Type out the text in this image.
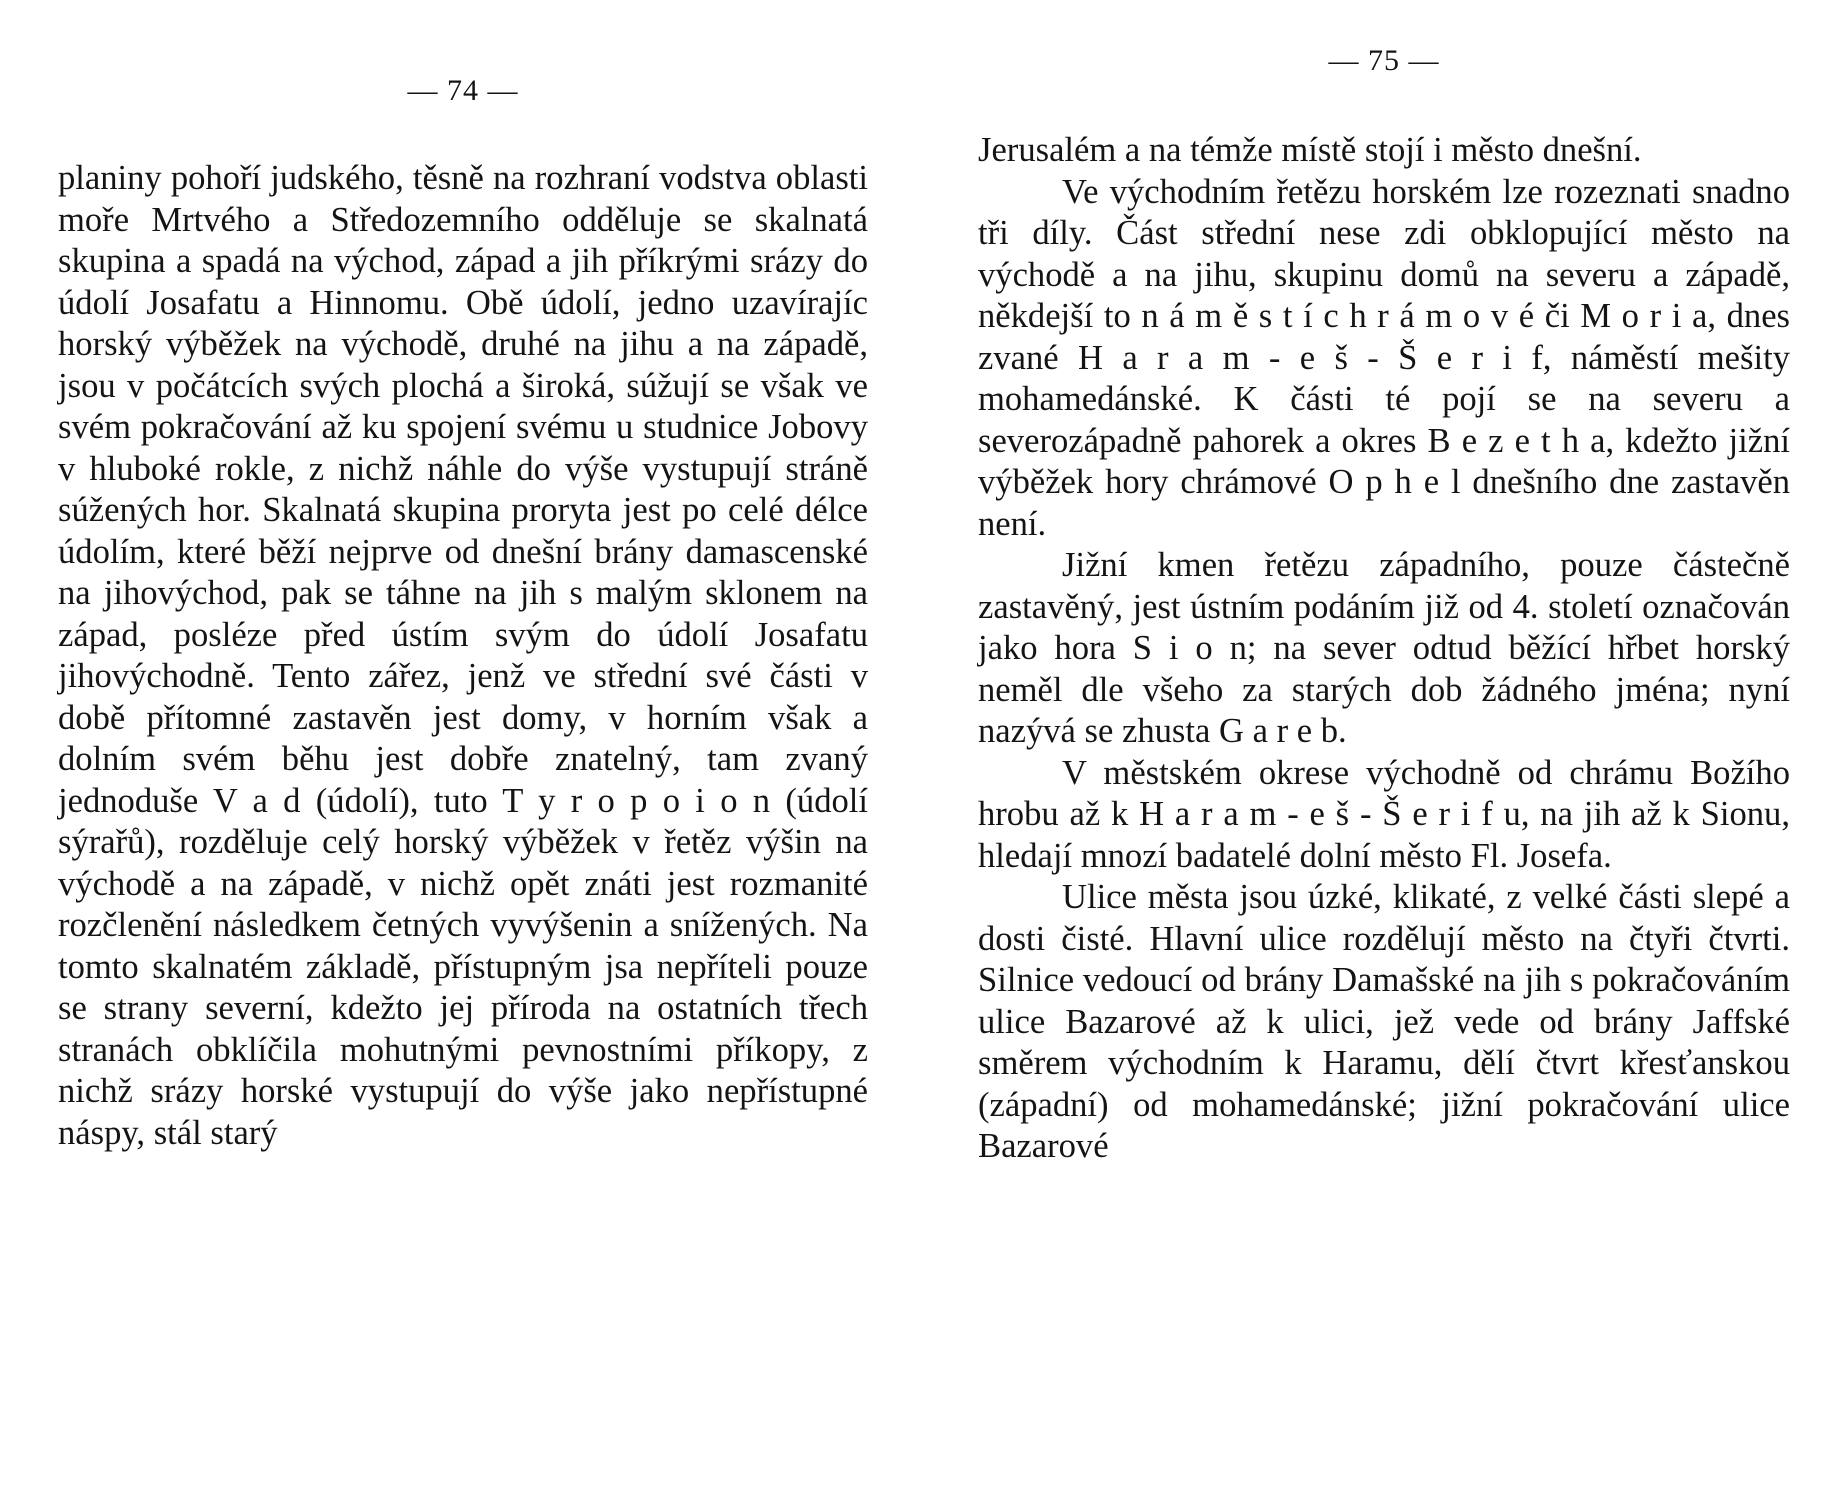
— 74 —

planiny pohoří judského, těsně na rozhraní vodstva oblasti moře Mrtvého a Středozemního odděluje se skalnatá skupina a spadá na východ, západ a jih příkrými srázy do údolí Josafatu a Hinnomu. Obě údolí, jedno uzavírajíc horský výběžek na východě, druhé na jihu a na západě, jsou v počátcích svých plochá a široká, súžují se však ve svém pokračování až ku spojení svému u studnice Jobovy v hluboké rokle, z nichž náhle do výše vystupují stráně súžených hor. Skalnatá skupina proryta jest po celé délce údolím, které běží nejprve od dnešní brány damascenské na jihovýchod, pak se táhne na jih s malým sklonem na západ, posléze před ústím svým do údolí Josafatu jihovýchodně. Tento zářez, jenž ve střední své části v době přítomné zastavěn jest domy, v horním však a dolním svém běhu jest dobře znatelný, tam zvaný jednoduše V a d (údolí), tuto T y r o p o i o n (údolí sýrařů), rozděluje celý horský výběžek v řetěz výšin na východě a na západě, v nichž opět znáti jest rozmanité rozčlenění následkem četných vyvýšenin a snížených. Na tomto skalnatém základě, přístupným jsa nepříteli pouze se strany severní, kdežto jej příroda na ostatních třech stranách obklíčila mohutnými pevnostními příkopy, z nichž srázy horské vystupují do výše jako nepřístupné náspy, stál starý

— 75 —

Jerusalém a na témže místě stojí i město dnešní.

Ve východním řetězu horském lze rozeznati snadno tři díly. Část střední nese zdi obklopující město na východě a na jihu, skupinu domů na severu a západě, někdejší to n á m ě s t í c h r á m o v é či M o r i a, dnes zvané H a r a m - e š - Š e r i f, náměstí mešity mohamedánské. K části té pojí se na severu a severozápadně pahorek a okres B e z e t h a, kdežto jižní výběžek hory chrámové O p h e l dnešního dne zastavěn není.

Jižní kmen řetězu západního, pouze částečně zastavěný, jest ústním podáním již od 4. století označován jako hora S i o n; na sever odtud běžící hřbet horský neměl dle všeho za starých dob žádného jména; nyní nazývá se zhusta G a r e b.

V městském okrese východně od chrámu Božího hrobu až k H a r a m - e š - Š e r i f u, na jih až k Sionu, hledají mnozí badatelé dolní město Fl. Josefa.

Ulice města jsou úzké, klikaté, z velké části slepé a dosti čisté. Hlavní ulice rozdělují město na čtyři čtvrti. Silnice vedoucí od brány Damašské na jih s pokračováním ulice Bazarové až k ulici, jež vede od brány Jaffské směrem východním k Haramu, dělí čtvrt křesťanskou (západní) od mohamedánské; jižní pokračování ulice Bazarové
